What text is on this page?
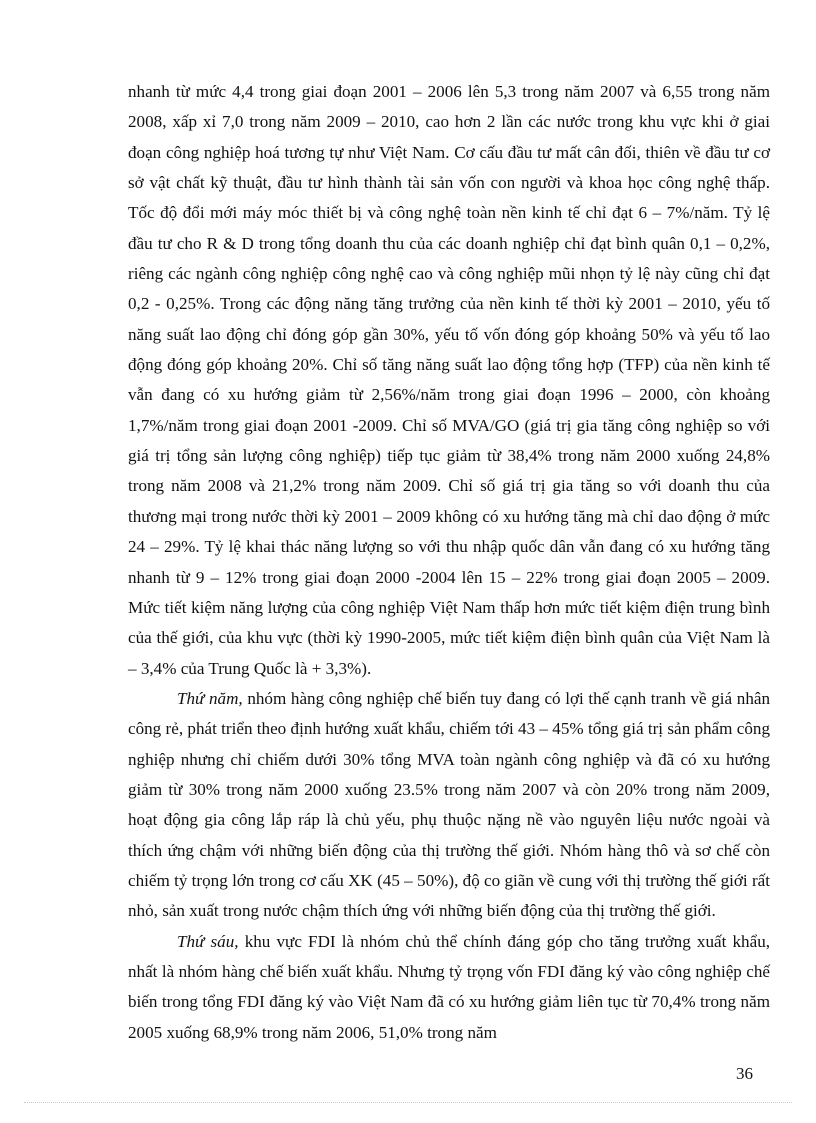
nhanh từ mức 4,4 trong giai đoạn 2001 – 2006 lên 5,3 trong năm 2007 và 6,55 trong năm 2008, xấp xỉ 7,0 trong năm 2009 – 2010, cao hơn 2 lần các nước trong khu vực khi ở giai đoạn công nghiệp hoá tương tự như Việt Nam. Cơ cấu đầu tư mất cân đối, thiên về đầu tư cơ sở vật chất kỹ thuật, đầu tư hình thành tài sản vốn con người và khoa học công nghệ thấp. Tốc độ đổi mới máy móc thiết bị và công nghệ toàn nền kinh tế chỉ đạt 6 – 7%/năm. Tỷ lệ đầu tư cho R & D trong tổng doanh thu của các doanh nghiệp chỉ đạt bình quân 0,1 – 0,2%, riêng các ngành công nghiệp công nghệ cao và công nghiệp mũi nhọn tỷ lệ này cũng chỉ đạt 0,2 - 0,25%. Trong các động năng tăng trưởng của nền kinh tế thời kỳ 2001 – 2010, yếu tố năng suất lao động chỉ đóng góp gần 30%, yếu tố vốn đóng góp khoảng 50% và yếu tố lao động đóng góp khoảng 20%. Chỉ số tăng năng suất lao động tổng hợp (TFP) của nền kinh tế vẫn đang có xu hướng giảm từ 2,56%/năm trong giai đoạn 1996 – 2000, còn khoảng 1,7%/năm trong giai đoạn 2001 -2009. Chỉ số MVA/GO (giá trị gia tăng công nghiệp so với giá trị tổng sản lượng công nghiệp) tiếp tục giảm từ 38,4% trong năm 2000 xuống 24,8% trong năm 2008 và 21,2% trong năm 2009. Chỉ số giá trị gia tăng so với doanh thu của thương mại trong nước thời kỳ 2001 – 2009 không có xu hướng tăng mà chỉ dao động ở mức 24 – 29%. Tỷ lệ khai thác năng lượng so với thu nhập quốc dân vẫn đang có xu hướng tăng nhanh từ 9 – 12% trong giai đoạn 2000 -2004 lên 15 – 22% trong giai đoạn 2005 – 2009. Mức tiết kiệm năng lượng của công nghiệp Việt Nam thấp hơn mức tiết kiệm điện trung bình của thế giới, của khu vực (thời kỳ 1990-2005, mức tiết kiệm điện bình quân của Việt Nam là – 3,4% của Trung Quốc là + 3,3%).

Thứ năm, nhóm hàng công nghiệp chế biến tuy đang có lợi thế cạnh tranh về giá nhân công rẻ, phát triển theo định hướng xuất khẩu, chiếm tới 43 – 45% tổng giá trị sản phẩm công nghiệp nhưng chỉ chiếm dưới 30% tổng MVA toàn ngành công nghiệp và đã có xu hướng giảm từ 30% trong năm 2000 xuống 23.5% trong năm 2007 và còn 20% trong năm 2009, hoạt động gia công lắp ráp là chủ yếu, phụ thuộc nặng nề vào nguyên liệu nước ngoài và thích ứng chậm với những biến động của thị trường thế giới. Nhóm hàng thô và sơ chế còn chiếm tỷ trọng lớn trong cơ cấu XK (45 – 50%), độ co giãn về cung với thị trường thế giới rất nhỏ, sản xuất trong nước chậm thích ứng với những biến động của thị trường thế giới.

Thứ sáu, khu vực FDI là nhóm chủ thể chính đáng góp cho tăng trưởng xuất khẩu, nhất là nhóm hàng chế biến xuất khẩu. Nhưng tỷ trọng vốn FDI đăng ký vào công nghiệp chế biến trong tổng FDI đăng ký vào Việt Nam đã có xu hướng giảm liên tục từ 70,4% trong năm 2005 xuống 68,9% trong năm 2006, 51,0% trong năm

36
